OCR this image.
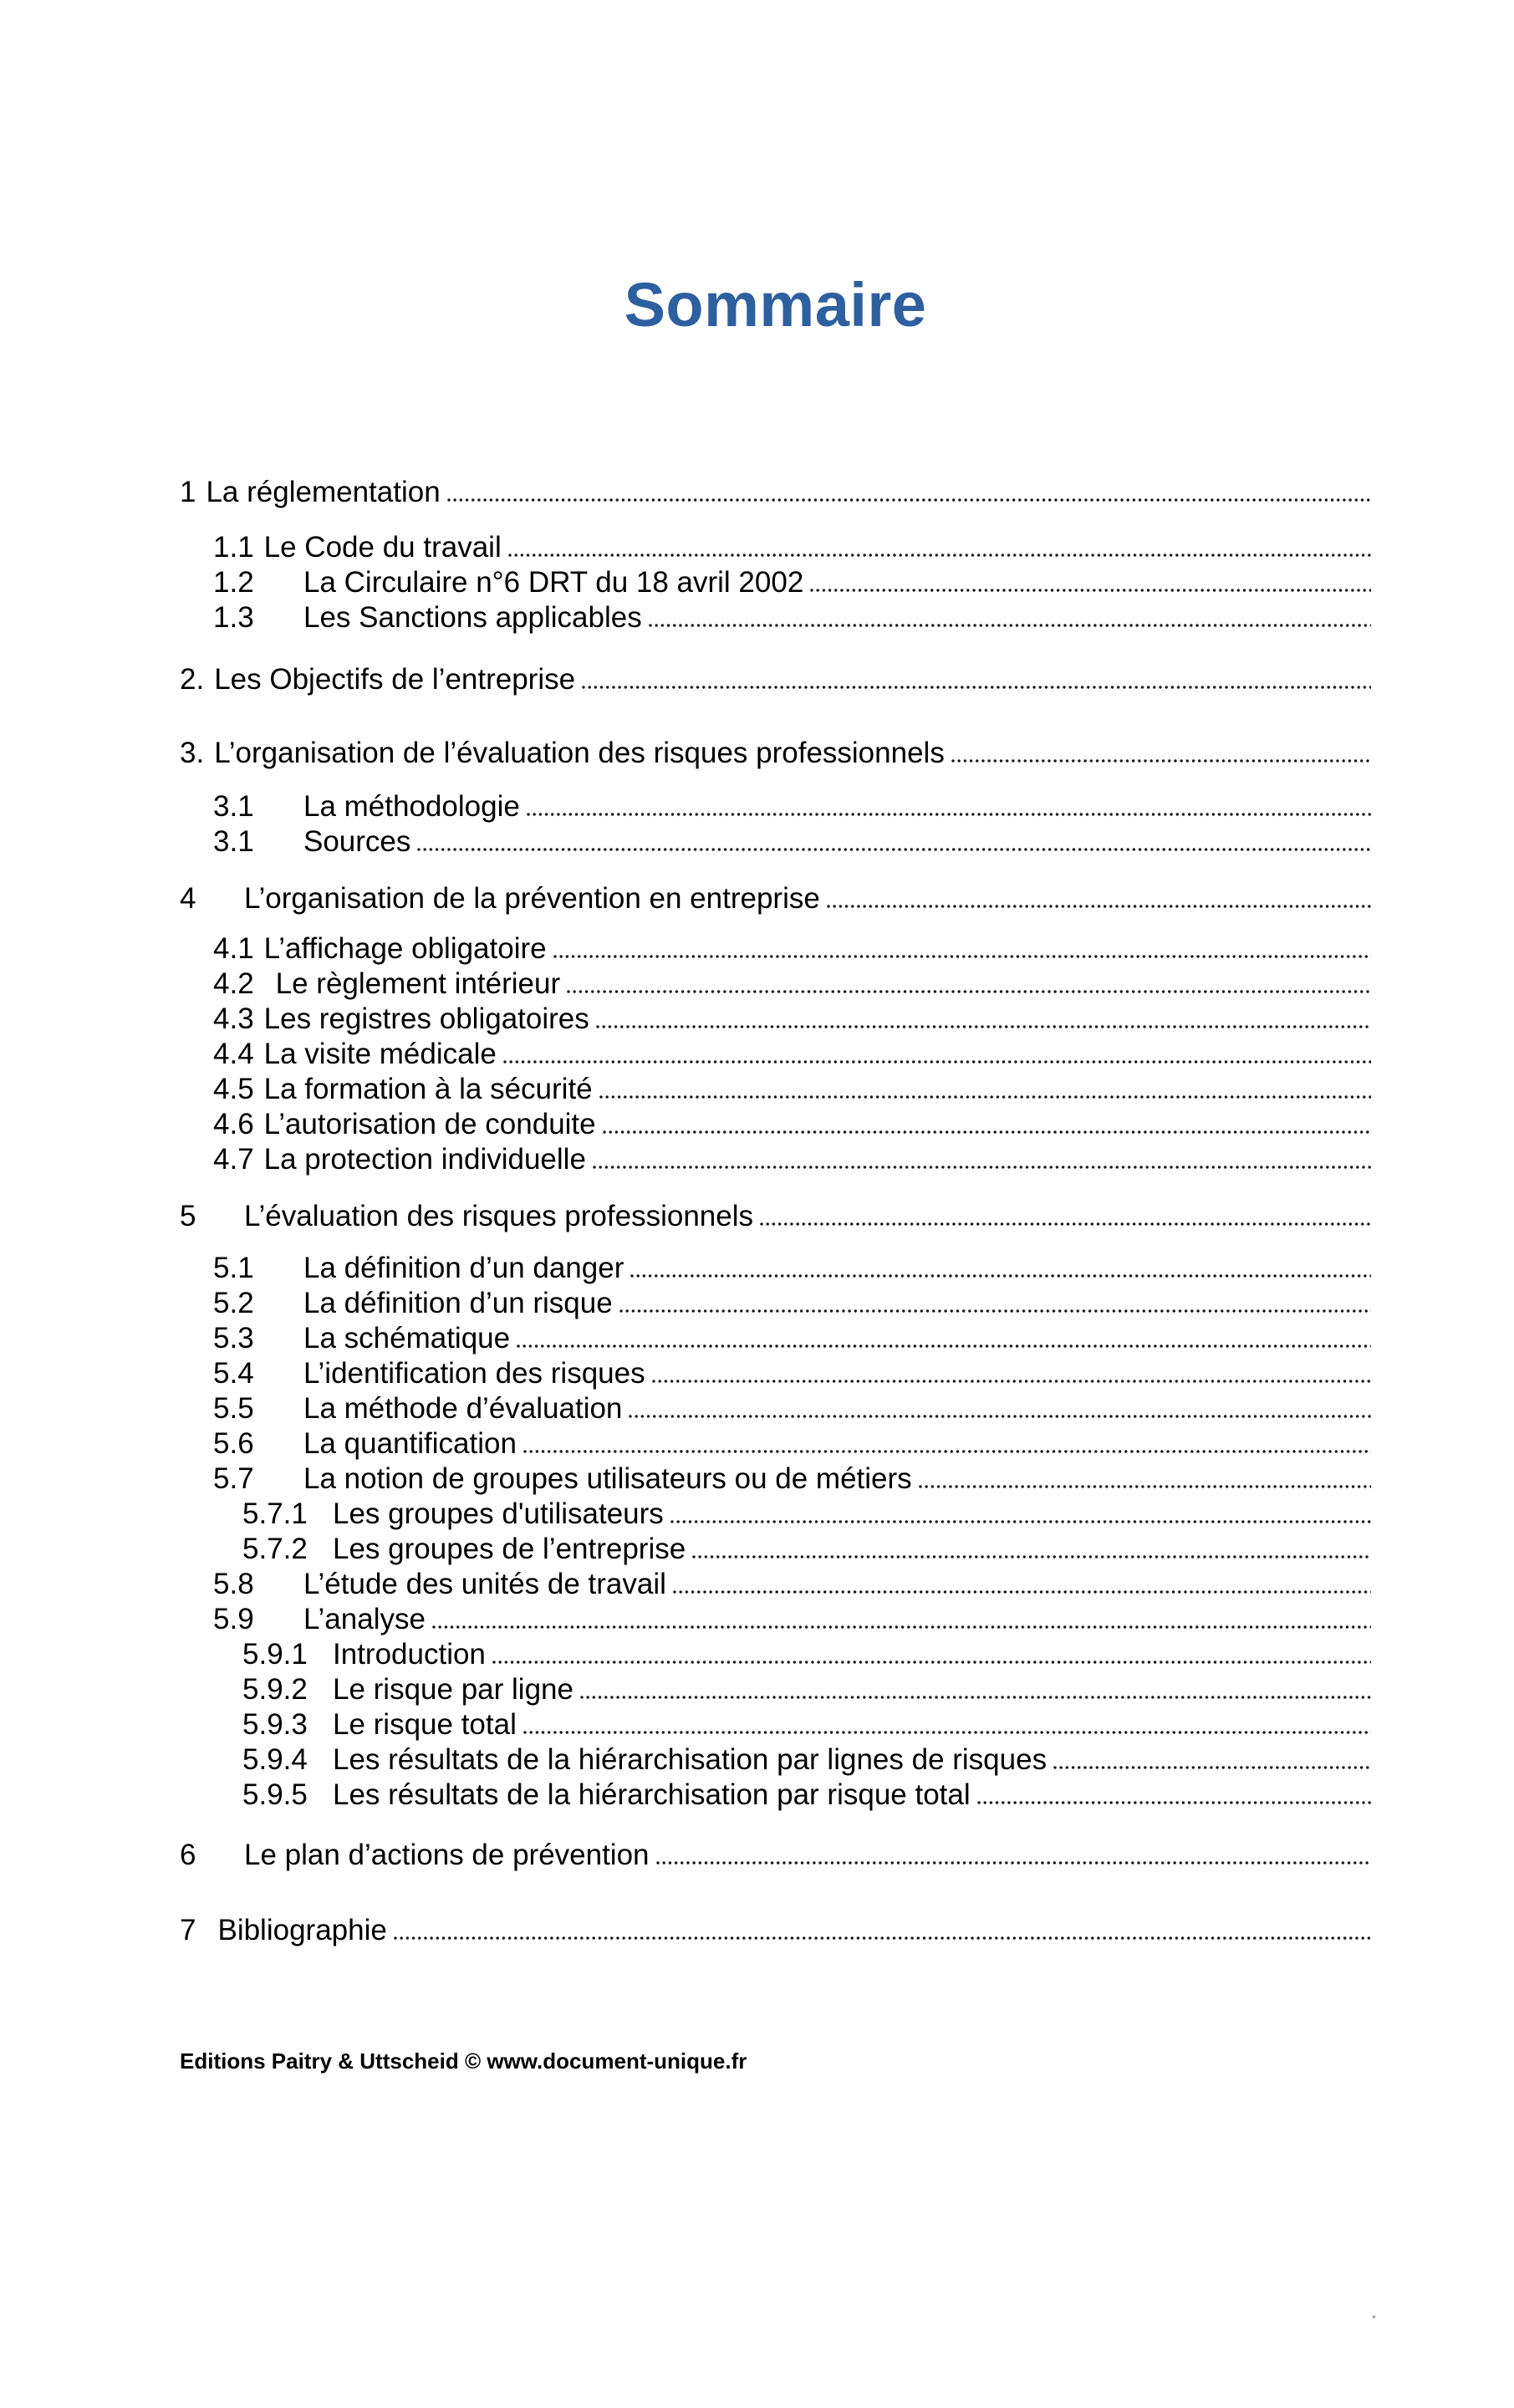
Sommaire
1 La réglementation
1.1 Le Code du travail
1.2	La Circulaire n°6 DRT du 18 avril 2002
1.3	Les Sanctions applicables
2. Les Objectifs de l’entreprise
3. L’organisation de l’évaluation des risques professionnels
3.1	La méthodologie
3.1	Sources
4	L’organisation de la prévention en entreprise
4.1 L’affichage obligatoire
4.2 Le règlement intérieur
4.3 Les registres obligatoires
4.4 La visite médicale
4.5 La formation à la sécurité
4.6 L’autorisation de conduite
4.7 La protection individuelle
5	L’évaluation des risques professionnels
5.1	La définition d’un danger
5.2	La définition d’un risque
5.3	La schématique
5.4	L’identification des risques
5.5	La méthode d’évaluation
5.6	La quantification
5.7	La notion de groupes utilisateurs ou de métiers
5.7.1 Les groupes d'utilisateurs
5.7.2 Les groupes de l’entreprise
5.8	L’étude des unités de travail
5.9	L’analyse
5.9.1 Introduction
5.9.2 Le risque par ligne
5.9.3 Le risque total
5.9.4 Les résultats de la hiérarchisation par lignes de risques
5.9.5 Les résultats de la hiérarchisation par risque total
6	Le plan d’actions de prévention
7 Bibliographie
Editions Paitry & Uttscheid © www.document-unique.fr
